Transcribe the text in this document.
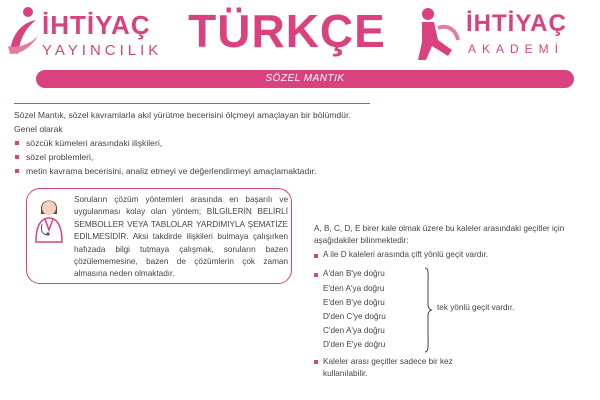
İHTİYAÇ
YAYINCILIK TÜRKÇE	İHTİYAÇ
AKADEMİ
SÖZEL MANTIK
Sözel Mantık, sözel kavramlarla akıl yürütme becerisini ölçmeyi amaçlayan bir bölümdür.
Genel olarak
sözcük kümeleri arasındaki ilişkileri,
sözel problemleri,
metin kavrama becerisini, analiz etmeyi ve değerlendirmeyi amaçlamaktadır.
Soruların çözüm yöntemleri arasında en başarılı ve uygulanması kolay olan yöntem; BİLGİLERİN BELİRLİ SEMBOLLER VEYA TABLOLAR YARDIMIYLA ŞEMATİZE EDİLMESİDİR. Aksi takdirde ilişkileri bulmaya çalışırken hafızada bilgi tutmaya çalışmak, soruların bazen çözülememesine, bazen de çözümlerin çok zaman almasına neden olmaktadır.
A, B, C, D, E birer kale olmak üzere bu kaleler arasındaki geçitler için aşağıdakiler bilinmektedir:
A ile D kaleleri arasında çift yönlü geçit vardır.
A'dan B'ye doğru
E'den A'ya doğru
E'den B'ye doğru
D'den C'ye doğru
C'den A'ya doğru
D'den E'ye doğru
tek yönlü geçit vardır.
Kaleler arası geçitler sadece bir kez kullanılabilir.
